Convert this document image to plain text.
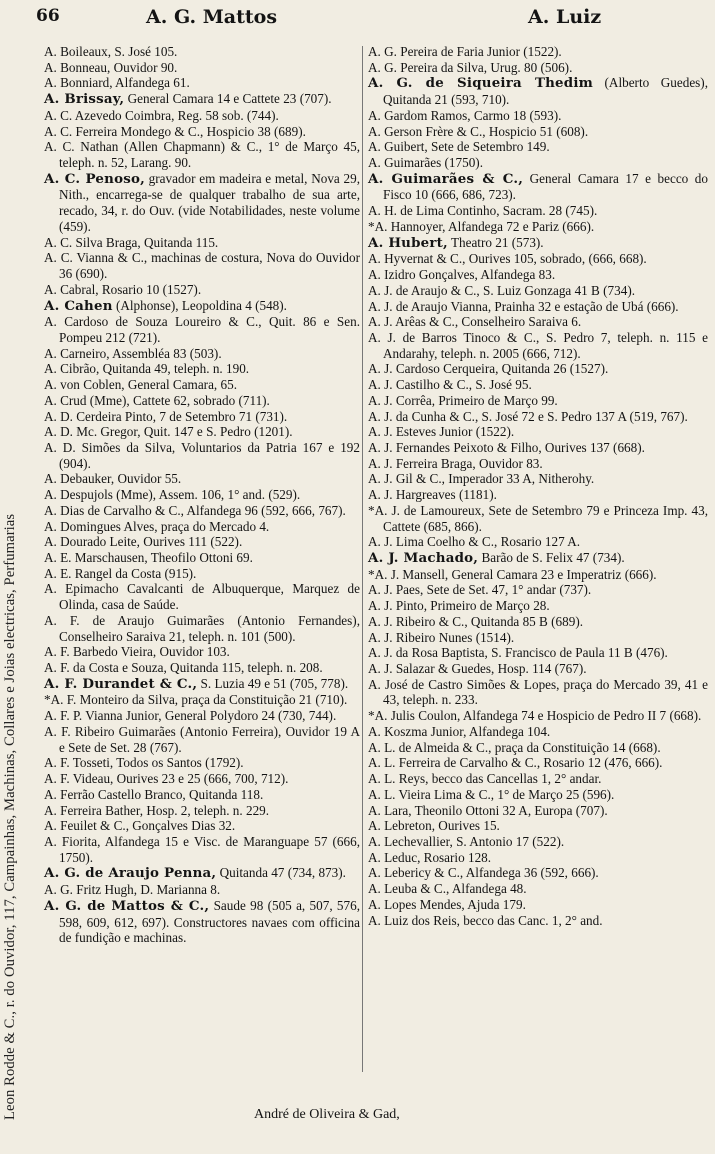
66	A. G. Mattos	A. Luiz
Leon Rodde & C., r. do Ouvidor, 117, Campainhas, Machinas, Collares e Joias electricas, Perfumarias

A. Boileaux, S. José 105.

A. Bonneau, Ouvidor 90.

A. Bonniard, Alfandega 61.

A. Brissay, General Camara 14 e Cattete 23 (707).

A. C. Azevedo Coimbra, Reg. 58 sob. (744).

A. C. Ferreira Mondego & C., Hospicio 38 (689).

A. C. Nathan (Allen Chapmann) & C., 1° de Março 45, teleph. n. 52, Larang. 90.

A. C. Penoso, gravador em madeira e metal, Nova 29, Nith., encarrega-se de qualquer trabalho de sua arte, recado, 34, r. do Ouv. (vide Notabilidades, neste volume (459).

A. C. Silva Braga, Quitanda 115.

A. C. Vianna & C., machinas de costura, Nova do Ouvidor 36 (690).

A. Cabral, Rosario 10 (1527).

A. Cahen (Alphonse), Leopoldina 4 (548).

A. Cardoso de Souza Loureiro & C., Quit. 86 e Sen. Pompeu 212 (721).

A. Carneiro, Assembléa 83 (503).

A. Cibrão, Quitanda 49, teleph. n. 190.

A. von Coblen, General Camara, 65.

A. Crud (Mme), Cattete 62, sobrado (711).

A. D. Cerdeira Pinto, 7 de Setembro 71 (731).

A. D. Mc. Gregor, Quit. 147 e S. Pedro (1201).

A. D. Simões da Silva, Voluntarios da Patria 167 e 192 (904).

A. Debauker, Ouvidor 55.

A. Despujols (Mme), Assem. 106, 1° and. (529).

A. Dias de Carvalho & C., Alfandega 96 (592, 666, 767).

A. Domingues Alves, praça do Mercado 4.

A. Dourado Leite, Ourives 111 (522).

A. E. Marschausen, Theofilo Ottoni 69.

A. E. Rangel da Costa (915).

A. Epimacho Cavalcanti de Albuquerque, Marquez de Olinda, casa de Saúde.

A. F. de Araujo Guimarães (Antonio Fernandes), Conselheiro Saraiva 21, teleph. n. 101 (500).

A. F. Barbedo Vieira, Ouvidor 103.

A. F. da Costa e Souza, Quitanda 115, teleph. n. 208.

A. F. Durandet & C., S. Luzia 49 e 51 (705, 778).

*A. F. Monteiro da Silva, praça da Constituição 21 (710).

A. F. P. Vianna Junior, General Polydoro 24 (730, 744).

A. F. Ribeiro Guimarães (Antonio Ferreira), Ouvidor 19 A e Sete de Set. 28 (767).

A. F. Tosseti, Todos os Santos (1792).

A. F. Videau, Ourives 23 e 25 (666, 700, 712).

A. Ferrão Castello Branco, Quitanda 118.

A. Ferreira Bather, Hosp. 2, teleph. n. 229.

A. Feuilet & C., Gonçalves Dias 32.

A. Fiorita, Alfandega 15 e Visc. de Maranguape 57 (666, 1750).

A. G. de Araujo Penna, Quitanda 47 (734, 873).

A. G. Fritz Hugh, D. Marianna 8.

A. G. de Mattos & C., Saude 98 (505 a, 507, 576, 598, 609, 612, 697). Constructores navaes com officina de fundição e machinas.

A. G. Pereira de Faria Junior (1522).

A. G. Pereira da Silva, Urug. 80 (506).

A. G. de Siqueira Thedim (Alberto Guedes), Quitanda 21 (593, 710).

A. Gardom Ramos, Carmo 18 (593).

A. Gerson Frère & C., Hospicio 51 (608).

A. Guibert, Sete de Setembro 149.

A. Guimarães (1750).

A. Guimarães & C., General Camara 17 e becco do Fisco 10 (666, 686, 723).

A. H. de Lima Continho, Sacram. 28 (745).

*A. Hannoyer, Alfandega 72 e Pariz (666).

A. Hubert, Theatro 21 (573).

A. Hyvernat & C., Ourives 105, sobrado, (666, 668).

A. Izidro Gonçalves, Alfandega 83.

A. J. de Araujo & C., S. Luiz Gonzaga 41 B (734).

A. J. de Araujo Vianna, Prainha 32 e estação de Ubá (666).

A. J. Arêas & C., Conselheiro Saraiva 6.

A. J. de Barros Tinoco & C., S. Pedro 7, teleph. n. 115 e Andarahy, teleph. n. 2005 (666, 712).

A. J. Cardoso Cerqueira, Quitanda 26 (1527).

A. J. Castilho & C., S. José 95.

A. J. Corrêa, Primeiro de Março 99.

A. J. da Cunha & C., S. José 72 e S. Pedro 137 A (519, 767).

A. J. Esteves Junior (1522).

A. J. Fernandes Peixoto & Filho, Ourives 137 (668).

A. J. Ferreira Braga, Ouvidor 83.

A. J. Gil & C., Imperador 33 A, Nitherohy.

A. J. Hargreaves (1181).

*A. J. de Lamoureux, Sete de Setembro 79 e Princeza Imp. 43, Cattete (685, 866).

A. J. Lima Coelho & C., Rosario 127 A.

A. J. Machado, Barão de S. Felix 47 (734).

*A. J. Mansell, General Camara 23 e Imperatriz (666).

A. J. Paes, Sete de Set. 47, 1° andar (737).

A. J. Pinto, Primeiro de Março 28.

A. J. Ribeiro & C., Quitanda 85 B (689).

A. J. Ribeiro Nunes (1514).

A. J. da Rosa Baptista, S. Francisco de Paula 11 B (476).

A. J. Salazar & Guedes, Hosp. 114 (767).

A. José de Castro Simões & Lopes, praça do Mercado 39, 41 e 43, teleph. n. 233.

*A. Julis Coulon, Alfandega 74 e Hospicio de Pedro II 7 (668).

A. Koszma Junior, Alfandega 104.

A. L. de Almeida & C., praça da Constituição 14 (668).

A. L. Ferreira de Carvalho & C., Rosario 12 (476, 666).

A. L. Reys, becco das Cancellas 1, 2° andar.

A. L. Vieira Lima & C., 1° de Março 25 (596).

A. Lara, Theonilo Ottoni 32 A, Europa (707).

A. Lebreton, Ourives 15.

A. Lechevallier, S. Antonio 17 (522).

A. Leduc, Rosario 128.

A. Lebericy & C., Alfandega 36 (592, 666).

A. Leuba & C., Alfandega 48.

A. Lopes Mendes, Ajuda 179.

A. Luiz dos Reis, becco das Canc. 1, 2° and.

André de Oliveira & Gad,
